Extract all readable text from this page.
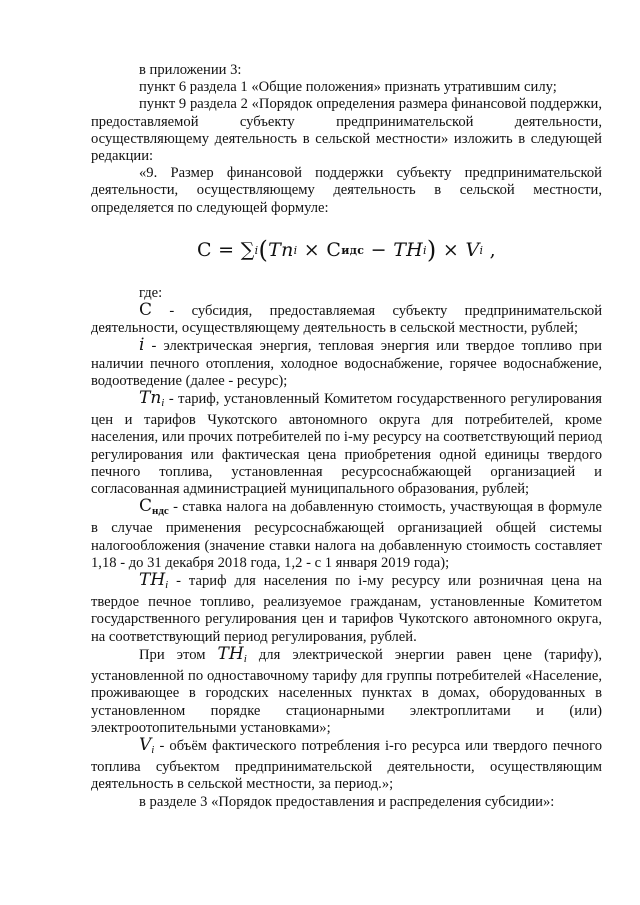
в приложении 3:

пункт 6 раздела 1 «Общие положения» признать утратившим силу;

пункт 9 раздела 2 «Порядок определения размера финансовой поддержки, предоставляемой субъекту предпринимательской деятельности, осуществляющему деятельность в сельской местности» изложить в следующей редакции:

«9. Размер финансовой поддержки субъекту предпринимательской деятельности, осуществляющему деятельность в сельской местности, определяется по следующей формуле:

C = ∑ i ( Tn i × C идс − TH i ) × V i ,

где:

С - субсидия, предоставляемая субъекту предпринимательской деятельности, осуществляющему деятельность в сельской местности, рублей;

i - электрическая энергия, тепловая энергия или твердое топливо при наличии печного отопления, холодное водоснабжение, горячее водоснабжение, водоотведение (далее - ресурс);

$Tn_i$ - тариф, установленный Комитетом государственного регулирования цен и тарифов Чукотского автономного округа для потребителей, кроме населения, или прочих потребителей по i-му ресурсу на соответствующий период регулирования или фактическая цена приобретения одной единицы твердого печного топлива, установленная ресурсоснабжающей организацией и согласованная администрацией муниципального образования, рублей;

$С_{ндс}$ - ставка налога на добавленную стоимость, участвующая в формуле в случае применения ресурсоснабжающей организацией общей системы налогообложения (значение ставки налога на добавленную стоимость составляет 1,18 - до 31 декабря 2018 года, 1,2 - с 1 января 2019 года);

$TH_i$ - тариф для населения по i-му ресурсу или розничная цена на твердое печное топливо, реализуемое гражданам, установленные Комитетом государственного регулирования цен и тарифов Чукотского автономного округа, на соответствующий период регулирования, рублей.

При этом $TH_i$ для электрической энергии равен цене (тарифу), установленной по одноставочному тарифу для группы потребителей «Население, проживающее в городских населенных пунктах в домах, оборудованных в установленном порядке стационарными электроплитами и (или) электроотопительными установками»;

$V_i$ - объём фактического потребления i-го ресурса или твердого печного топлива субъектом предпринимательской деятельности, осуществляющим деятельность в сельской местности, за период.»;

в разделе 3 «Порядок предоставления и распределения субсидии»:
